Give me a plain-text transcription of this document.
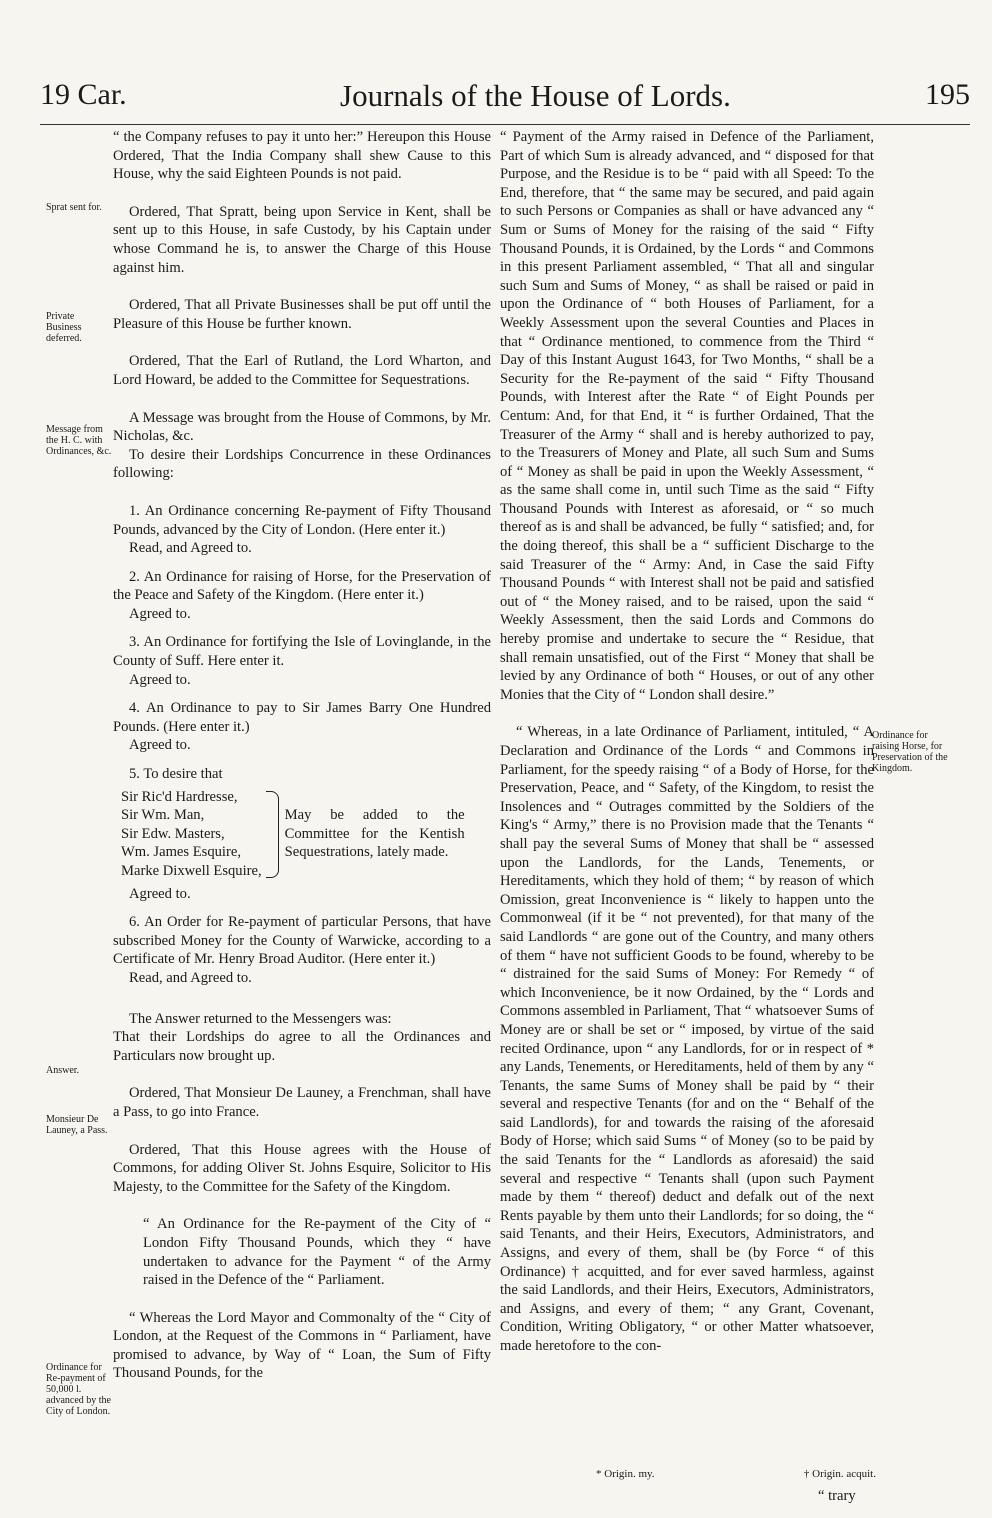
19 Car.	Journals of the House of Lords.	195
Sprat sent for.
Private Business deferred.
Message from the H. C. with Ordinances, &c.
Answer.
Monsieur De Launey, a Pass.
Ordinance for Re-payment of 50,000 l. advanced by the City of London.
Ordinance for raising Horse, for Preservation of the Kingdom.

“ the Company refuses to pay it unto her:” Hereupon this House Ordered, That the India Company shall shew Cause to this House, why the said Eighteen Pounds is not paid.

Ordered, That Spratt, being upon Service in Kent, shall be sent up to this House, in safe Custody, by his Captain under whose Command he is, to answer the Charge of this House against him.

Ordered, That all Private Businesses shall be put off until the Pleasure of this House be further known.

Ordered, That the Earl of Rutland, the Lord Wharton, and Lord Howard, be added to the Committee for Sequestrations.

A Message was brought from the House of Commons, by Mr. Nicholas, &c.

To desire their Lordships Concurrence in these Ordinances following:

1. An Ordinance concerning Re-payment of Fifty Thousand Pounds, advanced by the City of London. (Here enter it.)

Read, and Agreed to.

2. An Ordinance for raising of Horse, for the Preservation of the Peace and Safety of the Kingdom. (Here enter it.)

Agreed to.

3. An Ordinance for fortifying the Isle of Lovinglande, in the County of Suff. Here enter it.

Agreed to.

4. An Ordinance to pay to Sir James Barry One Hundred Pounds. (Here enter it.)

Agreed to.

5. To desire that

Sir Ric'd Hardresse,
Sir Wm. Man,
Sir Edw. Masters,
Wm. James Esquire,
Marke Dixwell Esquire,
May be added to the Committee for the Kentish Sequestrations, lately made.

Agreed to.

6. An Order for Re-payment of particular Persons, that have subscribed Money for the County of Warwicke, according to a Certificate of Mr. Henry Broad Auditor. (Here enter it.)

Read, and Agreed to.

The Answer returned to the Messengers was:

That their Lordships do agree to all the Ordinances and Particulars now brought up.

Ordered, That Monsieur De Launey, a Frenchman, shall have a Pass, to go into France.

Ordered, That this House agrees with the House of Commons, for adding Oliver St. Johns Esquire, Solicitor to His Majesty, to the Committee for the Safety of the Kingdom.

“ An Ordinance for the Re-payment of the City of “ London Fifty Thousand Pounds, which they “ have undertaken to advance for the Payment “ of the Army raised in the Defence of the “ Parliament.

“ Whereas the Lord Mayor and Commonalty of the “ City of London, at the Request of the Commons in “ Parliament, have promised to advance, by Way of “ Loan, the Sum of Fifty Thousand Pounds, for the

“ Payment of the Army raised in Defence of the Parliament, Part of which Sum is already advanced, and “ disposed for that Purpose, and the Residue is to be “ paid with all Speed: To the End, therefore, that “ the same may be secured, and paid again to such Persons or Companies as shall or have advanced any “ Sum or Sums of Money for the raising of the said “ Fifty Thousand Pounds, it is Ordained, by the Lords “ and Commons in this present Parliament assembled, “ That all and singular such Sum and Sums of Money, “ as shall be raised or paid in upon the Ordinance of “ both Houses of Parliament, for a Weekly Assessment upon the several Counties and Places in that “ Ordinance mentioned, to commence from the Third “ Day of this Instant August 1643, for Two Months, “ shall be a Security for the Re-payment of the said “ Fifty Thousand Pounds, with Interest after the Rate “ of Eight Pounds per Centum: And, for that End, it “ is further Ordained, That the Treasurer of the Army “ shall and is hereby authorized to pay, to the Treasurers of Money and Plate, all such Sum and Sums of “ Money as shall be paid in upon the Weekly Assessment, “ as the same shall come in, until such Time as the said “ Fifty Thousand Pounds with Interest as aforesaid, or “ so much thereof as is and shall be advanced, be fully “ satisfied; and, for the doing thereof, this shall be a “ sufficient Discharge to the said Treasurer of the “ Army: And, in Case the said Fifty Thousand Pounds “ with Interest shall not be paid and satisfied out of “ the Money raised, and to be raised, upon the said “ Weekly Assessment, then the said Lords and Commons do hereby promise and undertake to secure the “ Residue, that shall remain unsatisfied, out of the First “ Money that shall be levied by any Ordinance of both “ Houses, or out of any other Monies that the City of “ London shall desire.”

“ Whereas, in a late Ordinance of Parliament, intituled, “ A Declaration and Ordinance of the Lords “ and Commons in Parliament, for the speedy raising “ of a Body of Horse, for the Preservation, Peace, and “ Safety, of the Kingdom, to resist the Insolences and “ Outrages committed by the Soldiers of the King's “ Army,” there is no Provision made that the Tenants “ shall pay the several Sums of Money that shall be “ assessed upon the Landlords, for the Lands, Tenements, or Hereditaments, which they hold of them; “ by reason of which Omission, great Inconvenience is “ likely to happen unto the Commonweal (if it be “ not prevented), for that many of the said Landlords “ are gone out of the Country, and many others of them “ have not sufficient Goods to be found, whereby to be “ distrained for the said Sums of Money: For Remedy “ of which Inconvenience, be it now Ordained, by the “ Lords and Commons assembled in Parliament, That “ whatsoever Sums of Money are or shall be set or “ imposed, by virtue of the said recited Ordinance, upon “ any Landlords, for or in respect of * any Lands, Tenements, or Hereditaments, held of them by any “ Tenants, the same Sums of Money shall be paid by “ their several and respective Tenants (for and on the “ Behalf of the said Landlords), for and towards the raising of the aforesaid Body of Horse; which said Sums “ of Money (so to be paid by the said Tenants for the “ Landlords as aforesaid) the said several and respective “ Tenants shall (upon such Payment made by them “ thereof) deduct and defalk out of the next Rents payable by them unto their Landlords; for so doing, the “ said Tenants, and their Heirs, Executors, Administrators, and Assigns, and every of them, shall be (by Force “ of this Ordinance) † acquitted, and for ever saved harmless, against the said Landlords, and their Heirs, Executors, Administrators, and Assigns, and every of them; “ any Grant, Covenant, Condition, Writing Obligatory, “ or other Matter whatsoever, made heretofore to the con-

* Origin. my.	† Origin. acquit.
“ trary
